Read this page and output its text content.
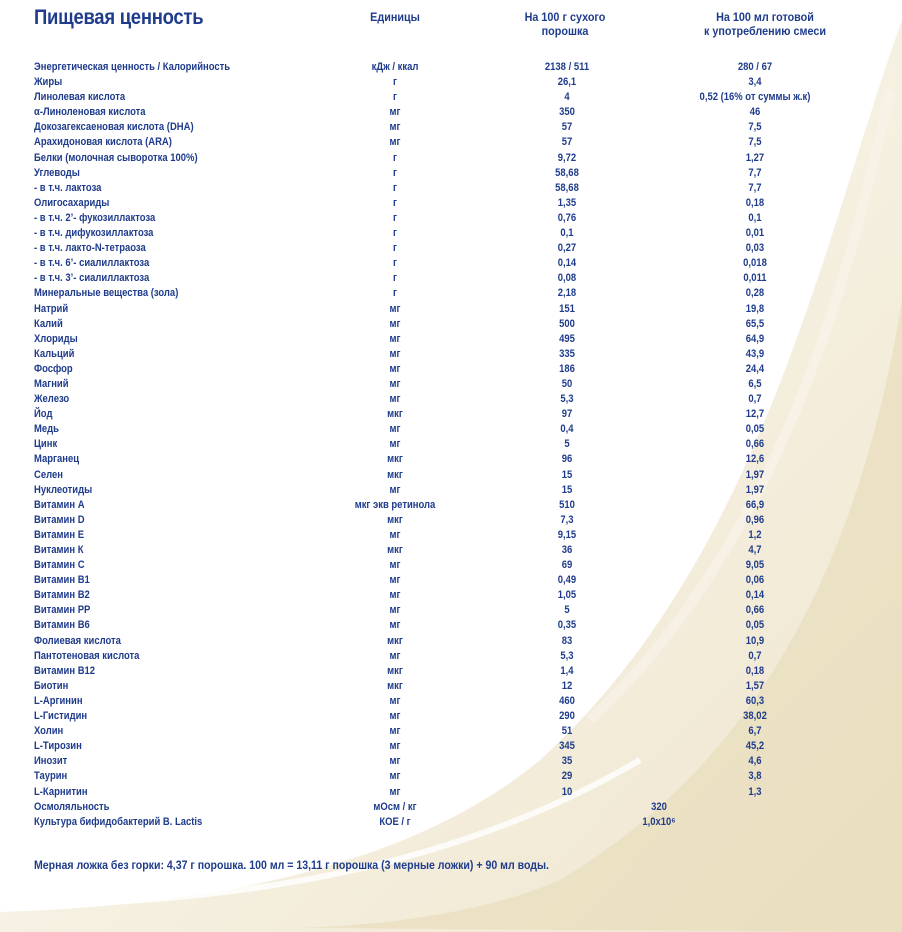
Пищевая ценность	Единицы	На 100 г сухого
порошка
На 100 мл готовой
к употреблению смеси
Энергетическая ценность / Калорийность	кДж / ккал	2138 / 511	280 / 67
Жиры	г	26,1	3,4
Линолевая кислота	г	4	0,52 (16% от суммы ж.к)
α-Линоленовая кислота	мг	350	46
Докозагексаеновая кислота (DHA)	мг	57	7,5
Арахидоновая кислота (ARA)	мг	57	7,5
Белки (молочная сыворотка 100%)	г	9,72	1,27
Углеводы	г	58,68	7,7
- в т.ч. лактоза	г	58,68	7,7
Олигосахариды	г	1,35	0,18
- в т.ч. 2’- фукозиллактоза	г	0,76	0,1
- в т.ч. дифукозиллактоза	г	0,1	0,01
- в т.ч. лакто-N-тетраоза	г	0,27	0,03
- в т.ч. 6’- сиалиллактоза	г	0,14	0,018
- в т.ч. 3’- сиалиллактоза	г	0,08	0,011
Минеральные вещества (зола)	г	2,18	0,28
Натрий	мг	151	19,8
Калий	мг	500	65,5
Хлориды	мг	495	64,9
Кальций	мг	335	43,9
Фосфор	мг	186	24,4
Магний	мг	50	6,5
Железо	мг	5,3	0,7
Йод	мкг	97	12,7
Медь	мг	0,4	0,05
Цинк	мг	5	0,66
Марганец	мкг	96	12,6
Селен	мкг	15	1,97
Нуклеотиды	мг	15	1,97
Витамин А	мкг экв ретинола	510	66,9
Витамин D	мкг	7,3	0,96
Витамин Е	мг	9,15	1,2
Витамин К	мкг	36	4,7
Витамин С	мг	69	9,05
Витамин В1	мг	0,49	0,06
Витамин В2	мг	1,05	0,14
Витамин РР	мг	5	0,66
Витамин В6	мг	0,35	0,05
Фолиевая кислота	мкг	83	10,9
Пантотеновая кислота	мг	5,3	0,7
Витамин В12	мкг	1,4	0,18
Биотин	мкг	12	1,57
L-Аргинин	мг	460	60,3
L-Гистидин	мг	290	38,02
Холин	мг	51	6,7
L-Тирозин	мг	345	45,2
Инозит	мг	35	4,6
Таурин	мг	29	3,8
L-Карнитин	мг	10	1,3
Осмоляльность	мОсм / кг	320
Культура бифидобактерий B. Lactis	КОЕ / г	1,0x10⁶
Мерная ложка без горки: 4,37 г порошка. 100 мл = 13,11 г порошка (3 мерные ложки) + 90 мл воды.
